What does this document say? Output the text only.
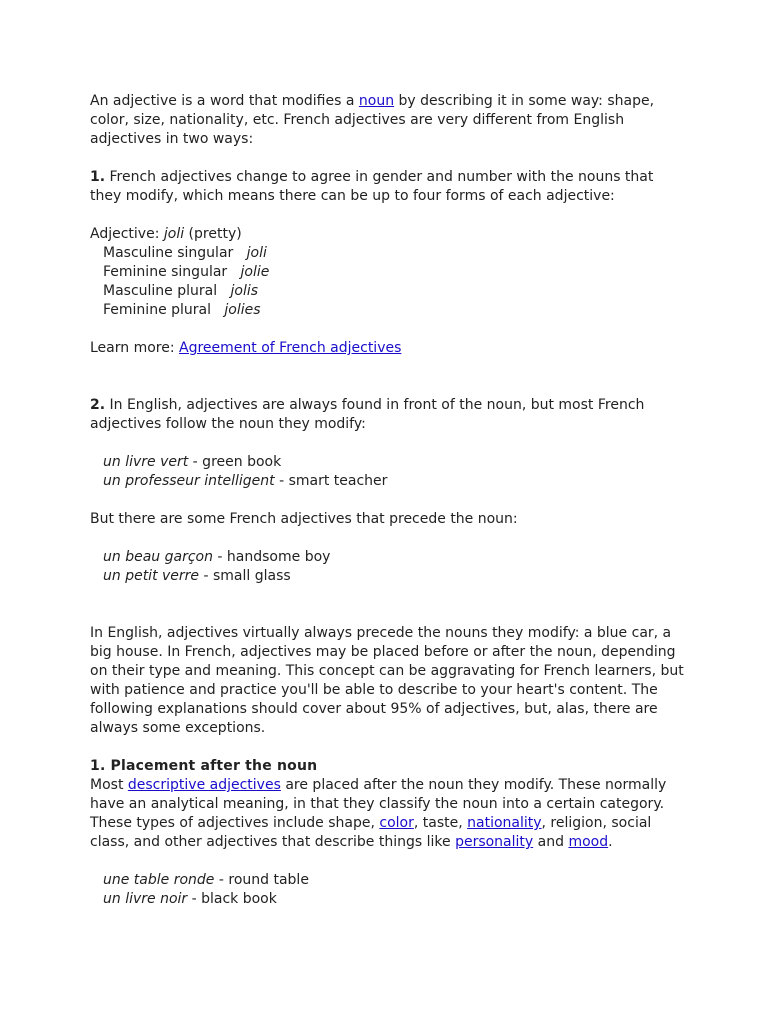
An adjective is a word that modifies a noun by describing it in some way: shape,

color, size, nationality, etc. French adjectives are very different from English

adjectives in two ways:

1. French adjectives change to agree in gender and number with the nouns that

they modify, which means there can be up to four forms of each adjective:

Adjective: joli (pretty)

Masculine singular joli

Feminine singular jolie

Masculine plural jolis

Feminine plural jolies

Learn more: Agreement of French adjectives

2. In English, adjectives are always found in front of the noun, but most French

adjectives follow the noun they modify:

un livre vert - green book

un professeur intelligent - smart teacher

But there are some French adjectives that precede the noun:

un beau garçon - handsome boy

un petit verre - small glass

In English, adjectives virtually always precede the nouns they modify: a blue car, a

big house. In French, adjectives may be placed before or after the noun, depending

on their type and meaning. This concept can be aggravating for French learners, but

with patience and practice you'll be able to describe to your heart's content. The

following explanations should cover about 95% of adjectives, but, alas, there are

always some exceptions.

1. Placement after the noun

Most descriptive adjectives are placed after the noun they modify. These normally

have an analytical meaning, in that they classify the noun into a certain category.

These types of adjectives include shape, color, taste, nationality, religion, social

class, and other adjectives that describe things like personality and mood.

une table ronde - round table

un livre noir - black book
